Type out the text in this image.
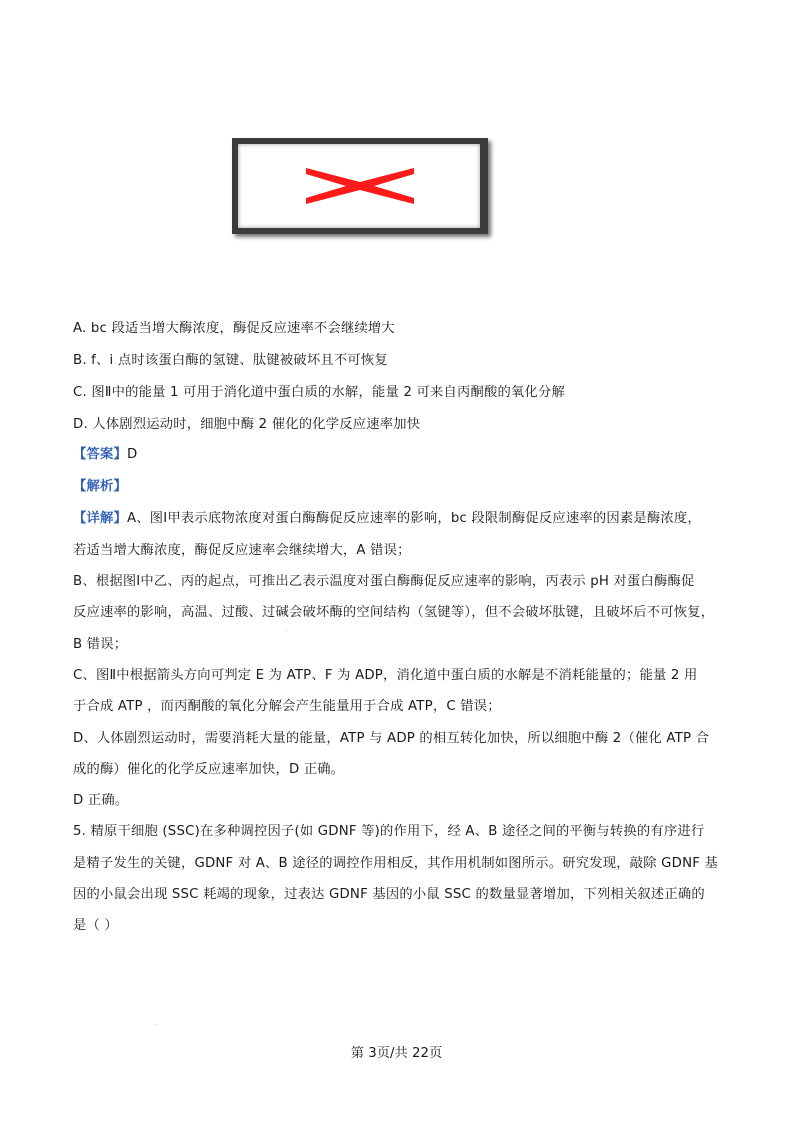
A. bc 段适当增大酶浓度，酶促反应速率不会继续增大
B. f、i 点时该蛋白酶的氢键、肽键被破坏且不可恢复
C. 图Ⅱ中的能量 1 可用于消化道中蛋白质的水解，能量 2 可来自丙酮酸的氧化分解
D. 人体剧烈运动时，细胞中酶 2 催化的化学反应速率加快
【答案】D
【解析】
【详解】A、图Ⅰ甲表示底物浓度对蛋白酶酶促反应速率的影响，bc 段限制酶促反应速率的因素是酶浓度，
若适当增大酶浓度，酶促反应速率会继续增大，A 错误；
B、根据图Ⅰ中乙、丙的起点，可推出乙表示温度对蛋白酶酶促反应速率的影响，丙表示 pH 对蛋白酶酶促
反应速率的影响，高温、过酸、过碱会破坏酶的空间结构（氢键等），但不会破坏肽键，且破坏后不可恢复，
B 错误；
·
C、图Ⅱ中根据箭头方向可判定 E 为 ATP、F 为 ADP，消化道中蛋白质的水解是不消耗能量的；能量 2 用
于合成 ATP ，而丙酮酸的氧化分解会产生能量用于合成 ATP，C 错误；
D、人体剧烈运动时，需要消耗大量的能量，ATP 与 ADP 的相互转化加快，所以细胞中酶 2（催化 ATP 合
成的酶）催化的化学反应速率加快，D 正确。
D 正确。
5. 精原干细胞 (SSC)在多种调控因子(如 GDNF 等)的作用下，经 A、B 途径之间的平衡与转换的有序进行
是精子发生的关键，GDNF 对 A、B 途径的调控作用相反，其作用机制如图所示。研究发现，敲除 GDNF 基
因的小鼠会出现 SSC 耗竭的现象，过表达 GDNF 基因的小鼠 SSC 的数量显著增加，下列相关叙述正确的
是（ ）
·
第 3页/共 22页
